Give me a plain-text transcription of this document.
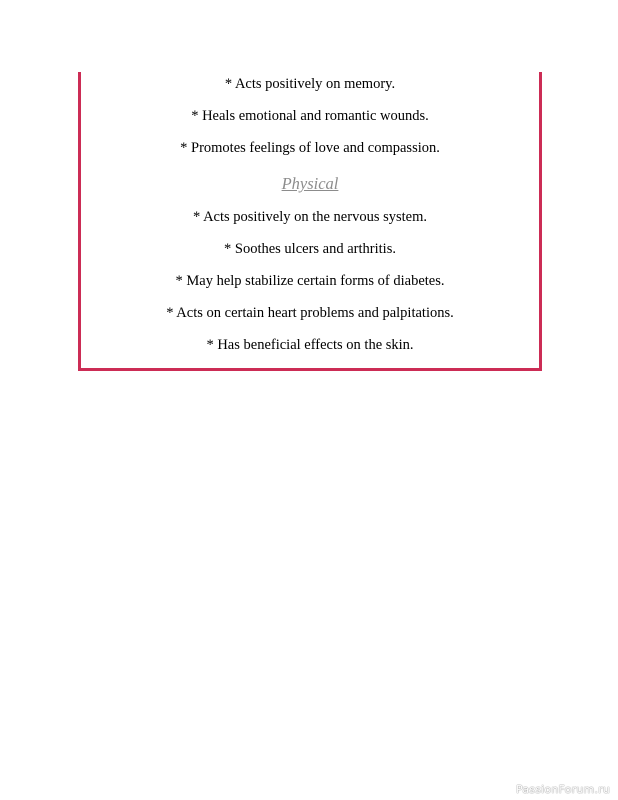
* Acts positively on memory.
* Heals emotional and romantic wounds.
* Promotes feelings of love and compassion.
Physical
* Acts positively on the nervous system.
* Soothes ulcers and arthritis.
* May help stabilize certain forms of diabetes.
* Acts on certain heart problems and palpitations.
* Has beneficial effects on the skin.
PassionForum.ru
